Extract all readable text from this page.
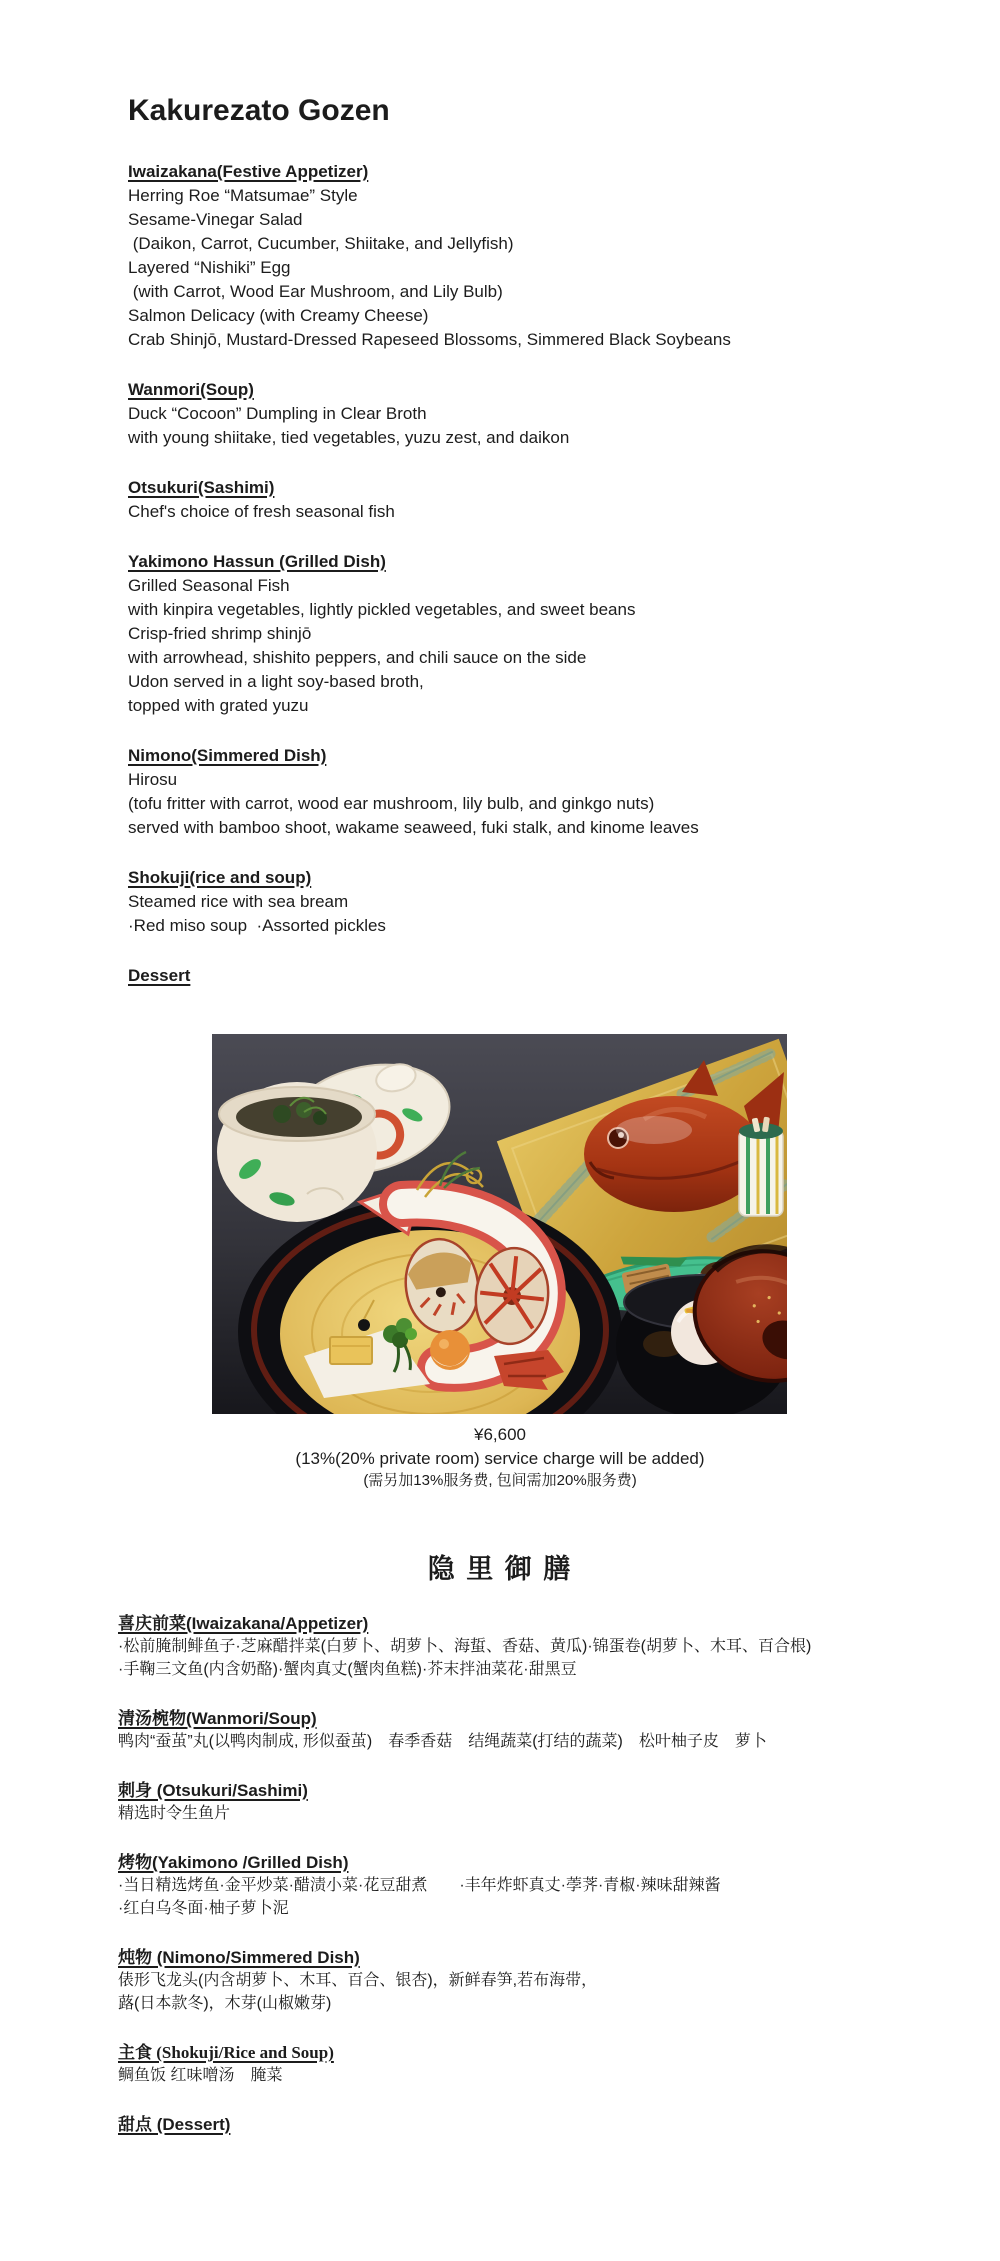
Kakurezato Gozen
Iwaizakana(Festive Appetizer)
Herring Roe “Matsumae” Style
Sesame-Vinegar Salad
(Daikon, Carrot, Cucumber, Shiitake, and Jellyfish)
Layered “Nishiki” Egg
(with Carrot, Wood Ear Mushroom, and Lily Bulb)
Salmon Delicacy (with Creamy Cheese)
Crab Shinjō, Mustard-Dressed Rapeseed Blossoms, Simmered Black Soybeans
Wanmori(Soup)
Duck “Cocoon” Dumpling in Clear Broth
with young shiitake, tied vegetables, yuzu zest, and daikon
Otsukuri(Sashimi)
Chef's choice of fresh seasonal fish
Yakimono Hassun (Grilled Dish)
Grilled Seasonal Fish
with kinpira vegetables, lightly pickled vegetables, and sweet beans
Crisp-fried shrimp shinjō
with arrowhead, shishito peppers, and chili sauce on the side
Udon served in a light soy-based broth,
topped with grated yuzu
Nimono(Simmered Dish)
Hirosu
(tofu fritter with carrot, wood ear mushroom, lily bulb, and ginkgo nuts)
served with bamboo shoot, wakame seaweed, fuki stalk, and kinome leaves
Shokuji(rice and soup)
Steamed rice with sea bream
·Red miso soup  ·Assorted pickles
Dessert
¥6,600
(13%(20% private room) service charge will be added)
(需另加13%服务费, 包间需加20%服务费)
隐 里 御 膳
喜庆前菜(Iwaizakana/Appetizer)
·松前腌制鲱鱼子·芝麻醋拌菜(白萝卜、胡萝卜、海蜇、香菇、黄瓜)·锦蛋卷(胡萝卜、木耳、百合根)
·手鞠三文鱼(内含奶酪)·蟹肉真丈(蟹肉鱼糕)·芥末拌油菜花·甜黑豆
清汤椀物(Wanmori/Soup)
鸭肉“蚕茧”丸(以鸭肉制成, 形似蚕茧)　春季香菇　结绳蔬菜(打结的蔬菜)　松叶柚子皮　萝卜
刺身 (Otsukuri/Sashimi)
精选时令生鱼片
烤物(Yakimono /Grilled Dish)
·当日精选烤鱼·金平炒菜·醋渍小菜·花豆甜煮　　·丰年炸虾真丈·荸荠·青椒·辣味甜辣酱
·红白乌冬面·柚子萝卜泥
炖物 (Nimono/Simmered Dish)
俵形飞龙头(内含胡萝卜、木耳、百合、银杏)，新鲜春笋,若布海带，
蕗(日本款冬)，木芽(山椒嫩芽)
主食 (Shokuji/Rice and Soup)
鲷鱼饭 红味噌汤　腌菜
甜点 (Dessert)
